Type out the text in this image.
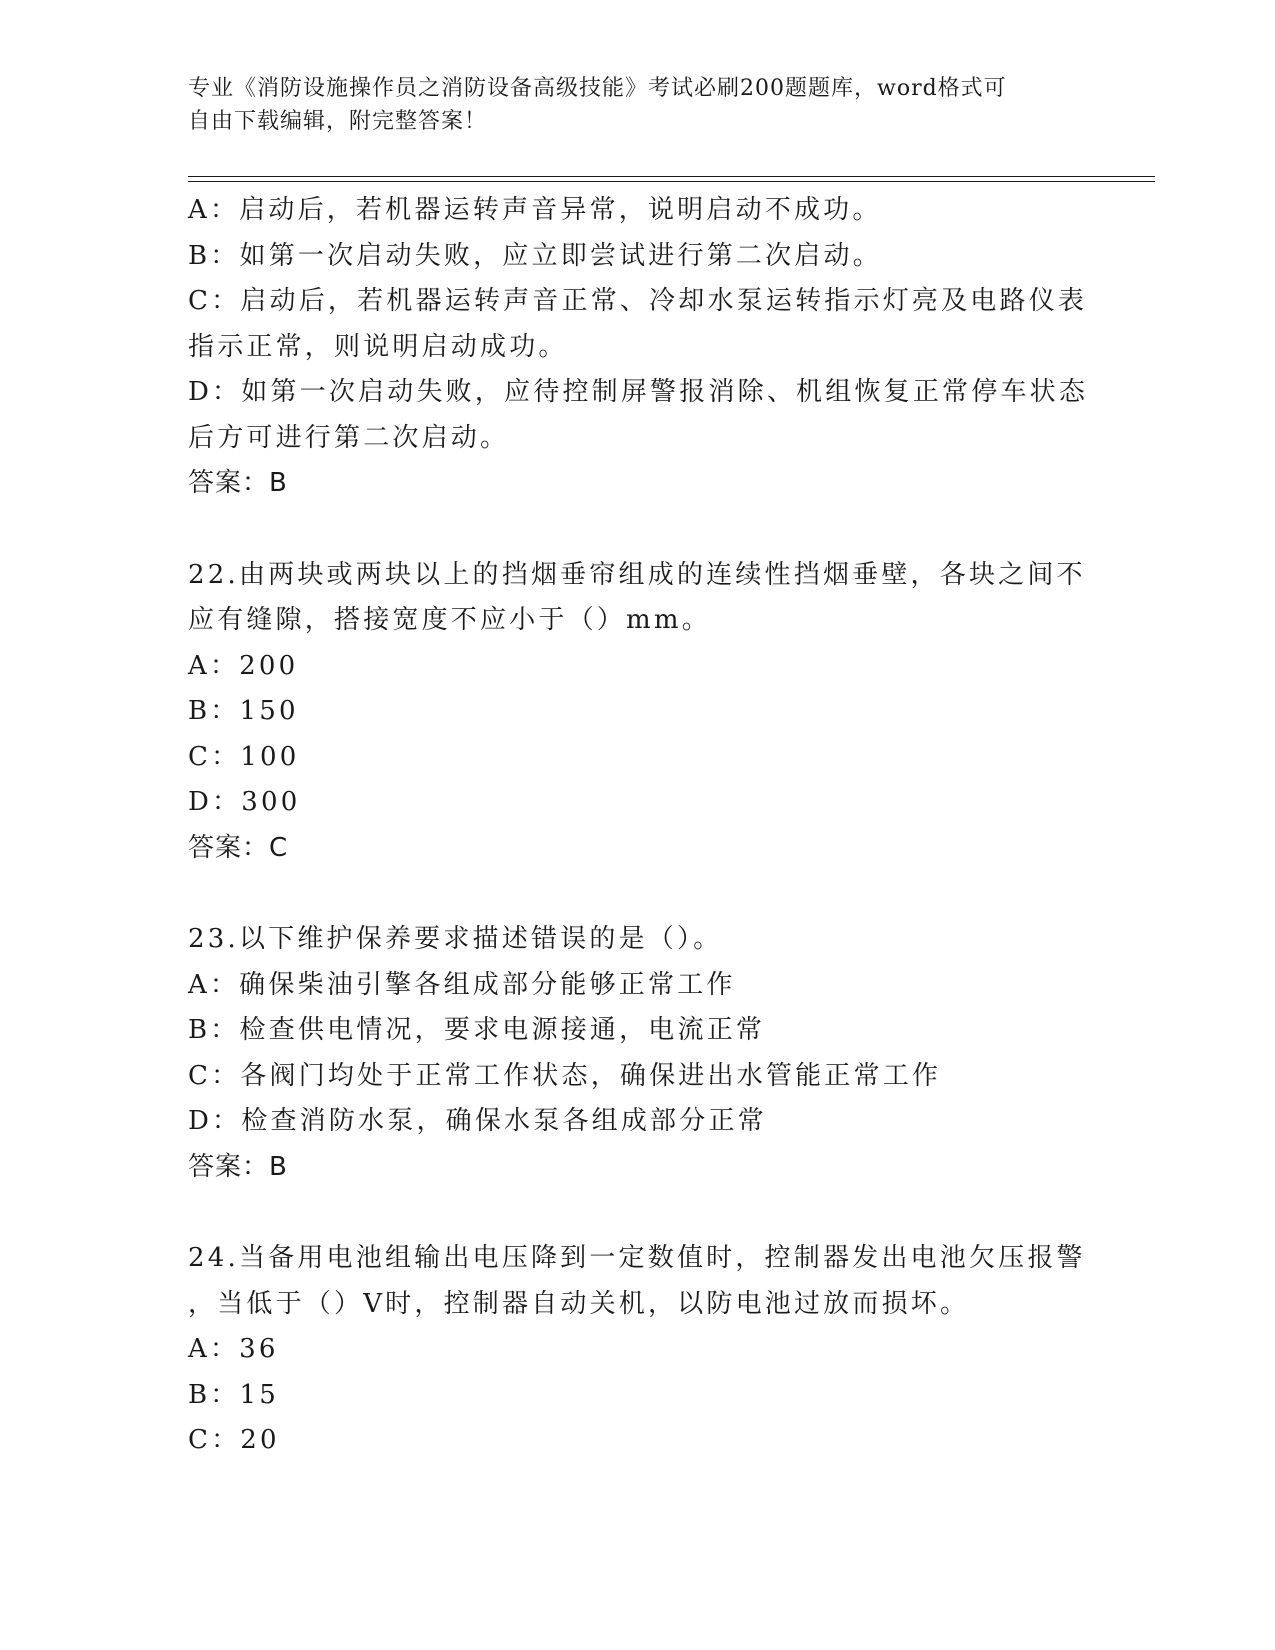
专业《消防设施操作员之消防设备高级技能》考试必刷200题题库，word格式可
自由下载编辑，附完整答案！
A：启动后，若机器运转声音异常，说明启动不成功。
B：如第一次启动失败，应立即尝试进行第二次启动。
C：启动后，若机器运转声音正常、冷却水泵运转指示灯亮及电路仪表
指示正常，则说明启动成功。
D：如第一次启动失败，应待控制屏警报消除、机组恢复正常停车状态
后方可进行第二次启动。
答案：B
22.由两块或两块以上的挡烟垂帘组成的连续性挡烟垂壁，各块之间不
应有缝隙，搭接宽度不应小于（）mm。
A：200
B：150
C：100
D：300
答案：C
23.以下维护保养要求描述错误的是（）。
A：确保柴油引擎各组成部分能够正常工作
B：检查供电情况，要求电源接通，电流正常
C：各阀门均处于正常工作状态，确保进出水管能正常工作
D：检查消防水泵，确保水泵各组成部分正常
答案：B
24.当备用电池组输出电压降到一定数值时，控制器发出电池欠压报警
，当低于（）V时，控制器自动关机，以防电池过放而损坏。
A：36
B：15
C：20
